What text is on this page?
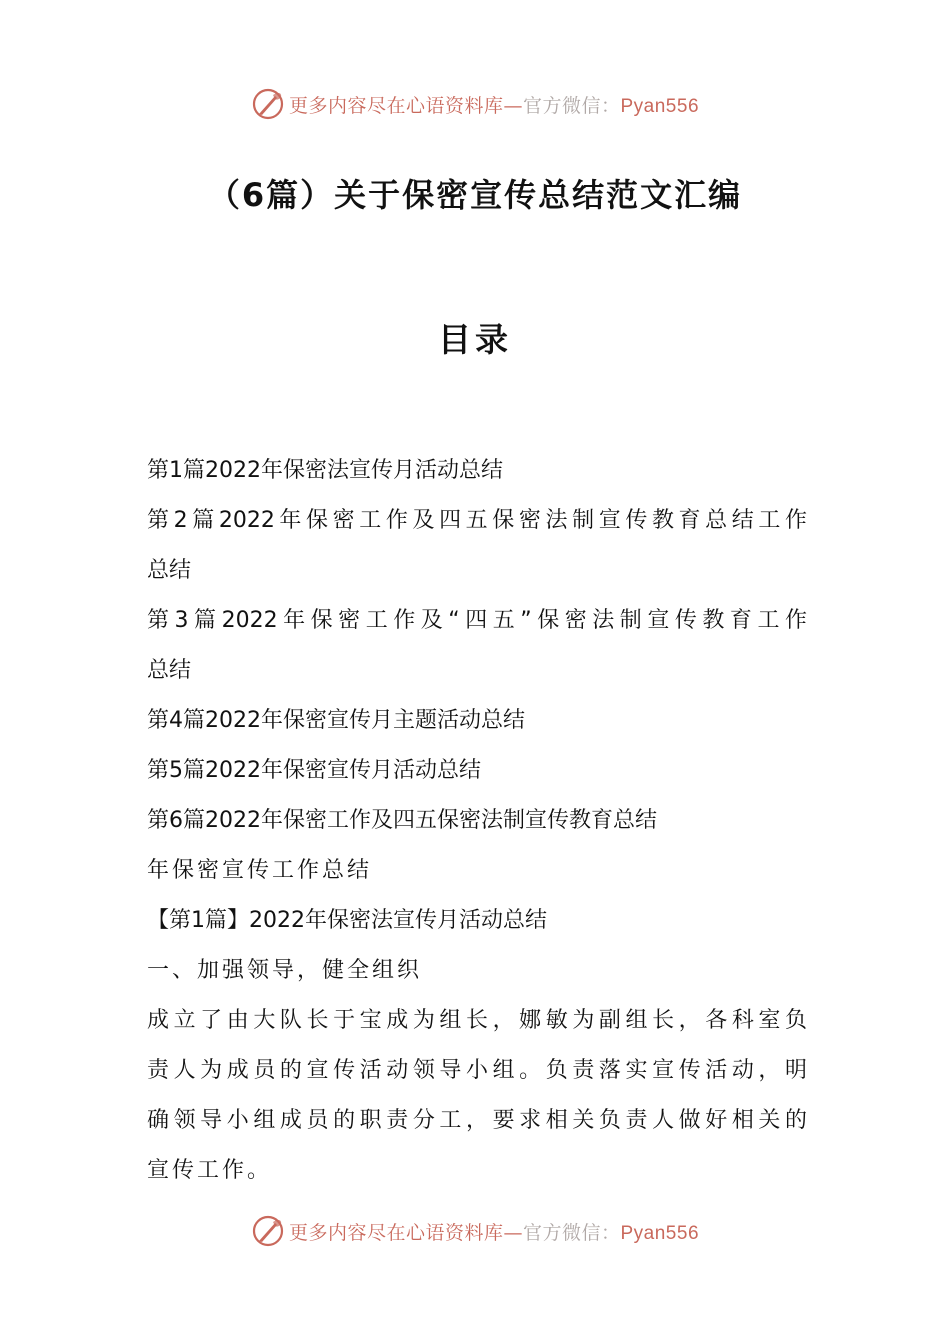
更多内容尽在心语资料库—官方微信：Pyan556
（6篇）关于保密宣传总结范文汇编
目录
第1篇2022年保密法宣传月活动总结
第2篇2022年保密工作及四五保密法制宣传教育总结工作
总结
第3篇2022年保密工作及“四五”保密法制宣传教育工作
总结
第4篇2022年保密宣传月主题活动总结
第5篇2022年保密宣传月活动总结
第6篇2022年保密工作及四五保密法制宣传教育总结
年保密宣传工作总结
【第1篇】2022年保密法宣传月活动总结
一、加强领导，健全组织
成立了由大队长于宝成为组长，娜敏为副组长，各科室负
责人为成员的宣传活动领导小组。负责落实宣传活动，明
确领导小组成员的职责分工，要求相关负责人做好相关的
宣传工作。
更多内容尽在心语资料库—官方微信：Pyan556
